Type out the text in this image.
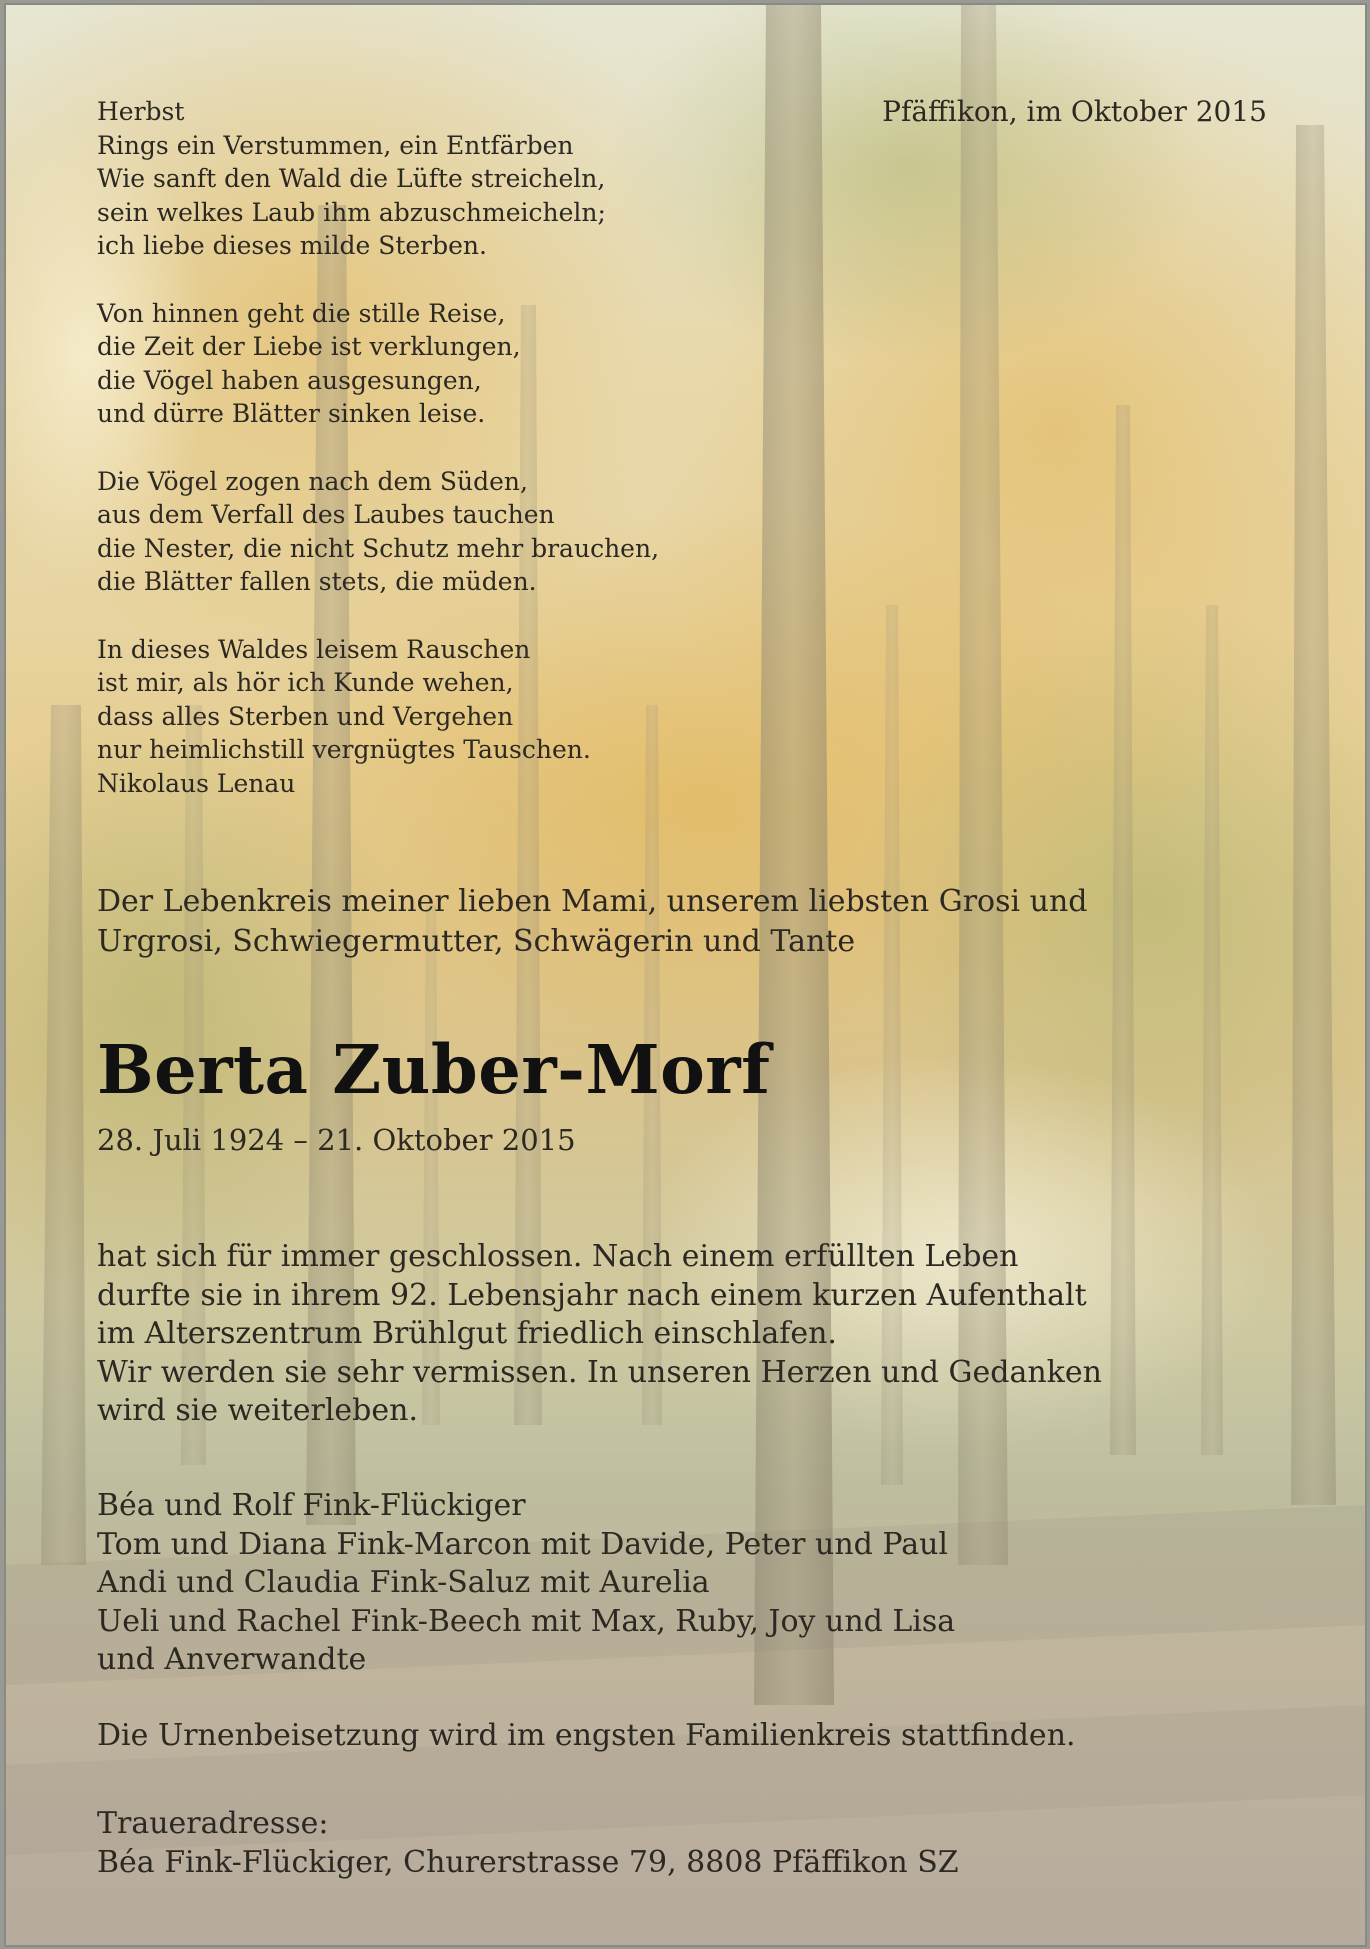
Herbst
Rings ein Verstummen, ein Entfärben
Wie sanft den Wald die Lüfte streicheln,
sein welkes Laub ihm abzuschmeicheln;
ich liebe dieses milde Sterben.
Von hinnen geht die stille Reise,
die Zeit der Liebe ist verklungen,
die Vögel haben ausgesungen,
und dürre Blätter sinken leise.
Die Vögel zogen nach dem Süden,
aus dem Verfall des Laubes tauchen
die Nester, die nicht Schutz mehr brauchen,
die Blätter fallen stets, die müden.
In dieses Waldes leisem Rauschen
ist mir, als hör ich Kunde wehen,
dass alles Sterben und Vergehen
nur heimlichstill vergnügtes Tauschen.
Nikolaus Lenau
Pfäffikon, im Oktober 2015
Der Lebenkreis meiner lieben Mami, unserem liebsten Grosi und
Urgrosi, Schwiegermutter, Schwägerin und Tante
Berta Zuber-Morf
28. Juli 1924 – 21. Oktober 2015
hat sich für immer geschlossen. Nach einem erfüllten Leben
durfte sie in ihrem 92. Lebensjahr nach einem kurzen Aufenthalt
im Alterszentrum Brühlgut friedlich einschlafen.
Wir werden sie sehr vermissen. In unseren Herzen und Gedanken
wird sie weiterleben.
Béa und Rolf Fink-Flückiger
Tom und Diana Fink-Marcon mit Davide, Peter und Paul
Andi und Claudia Fink-Saluz mit Aurelia
Ueli und Rachel Fink-Beech mit Max, Ruby, Joy und Lisa
und Anverwandte
Die Urnenbeisetzung wird im engsten Familienkreis stattfinden.
Traueradresse:
Béa Fink-Flückiger, Churerstrasse 79, 8808 Pfäffikon SZ
